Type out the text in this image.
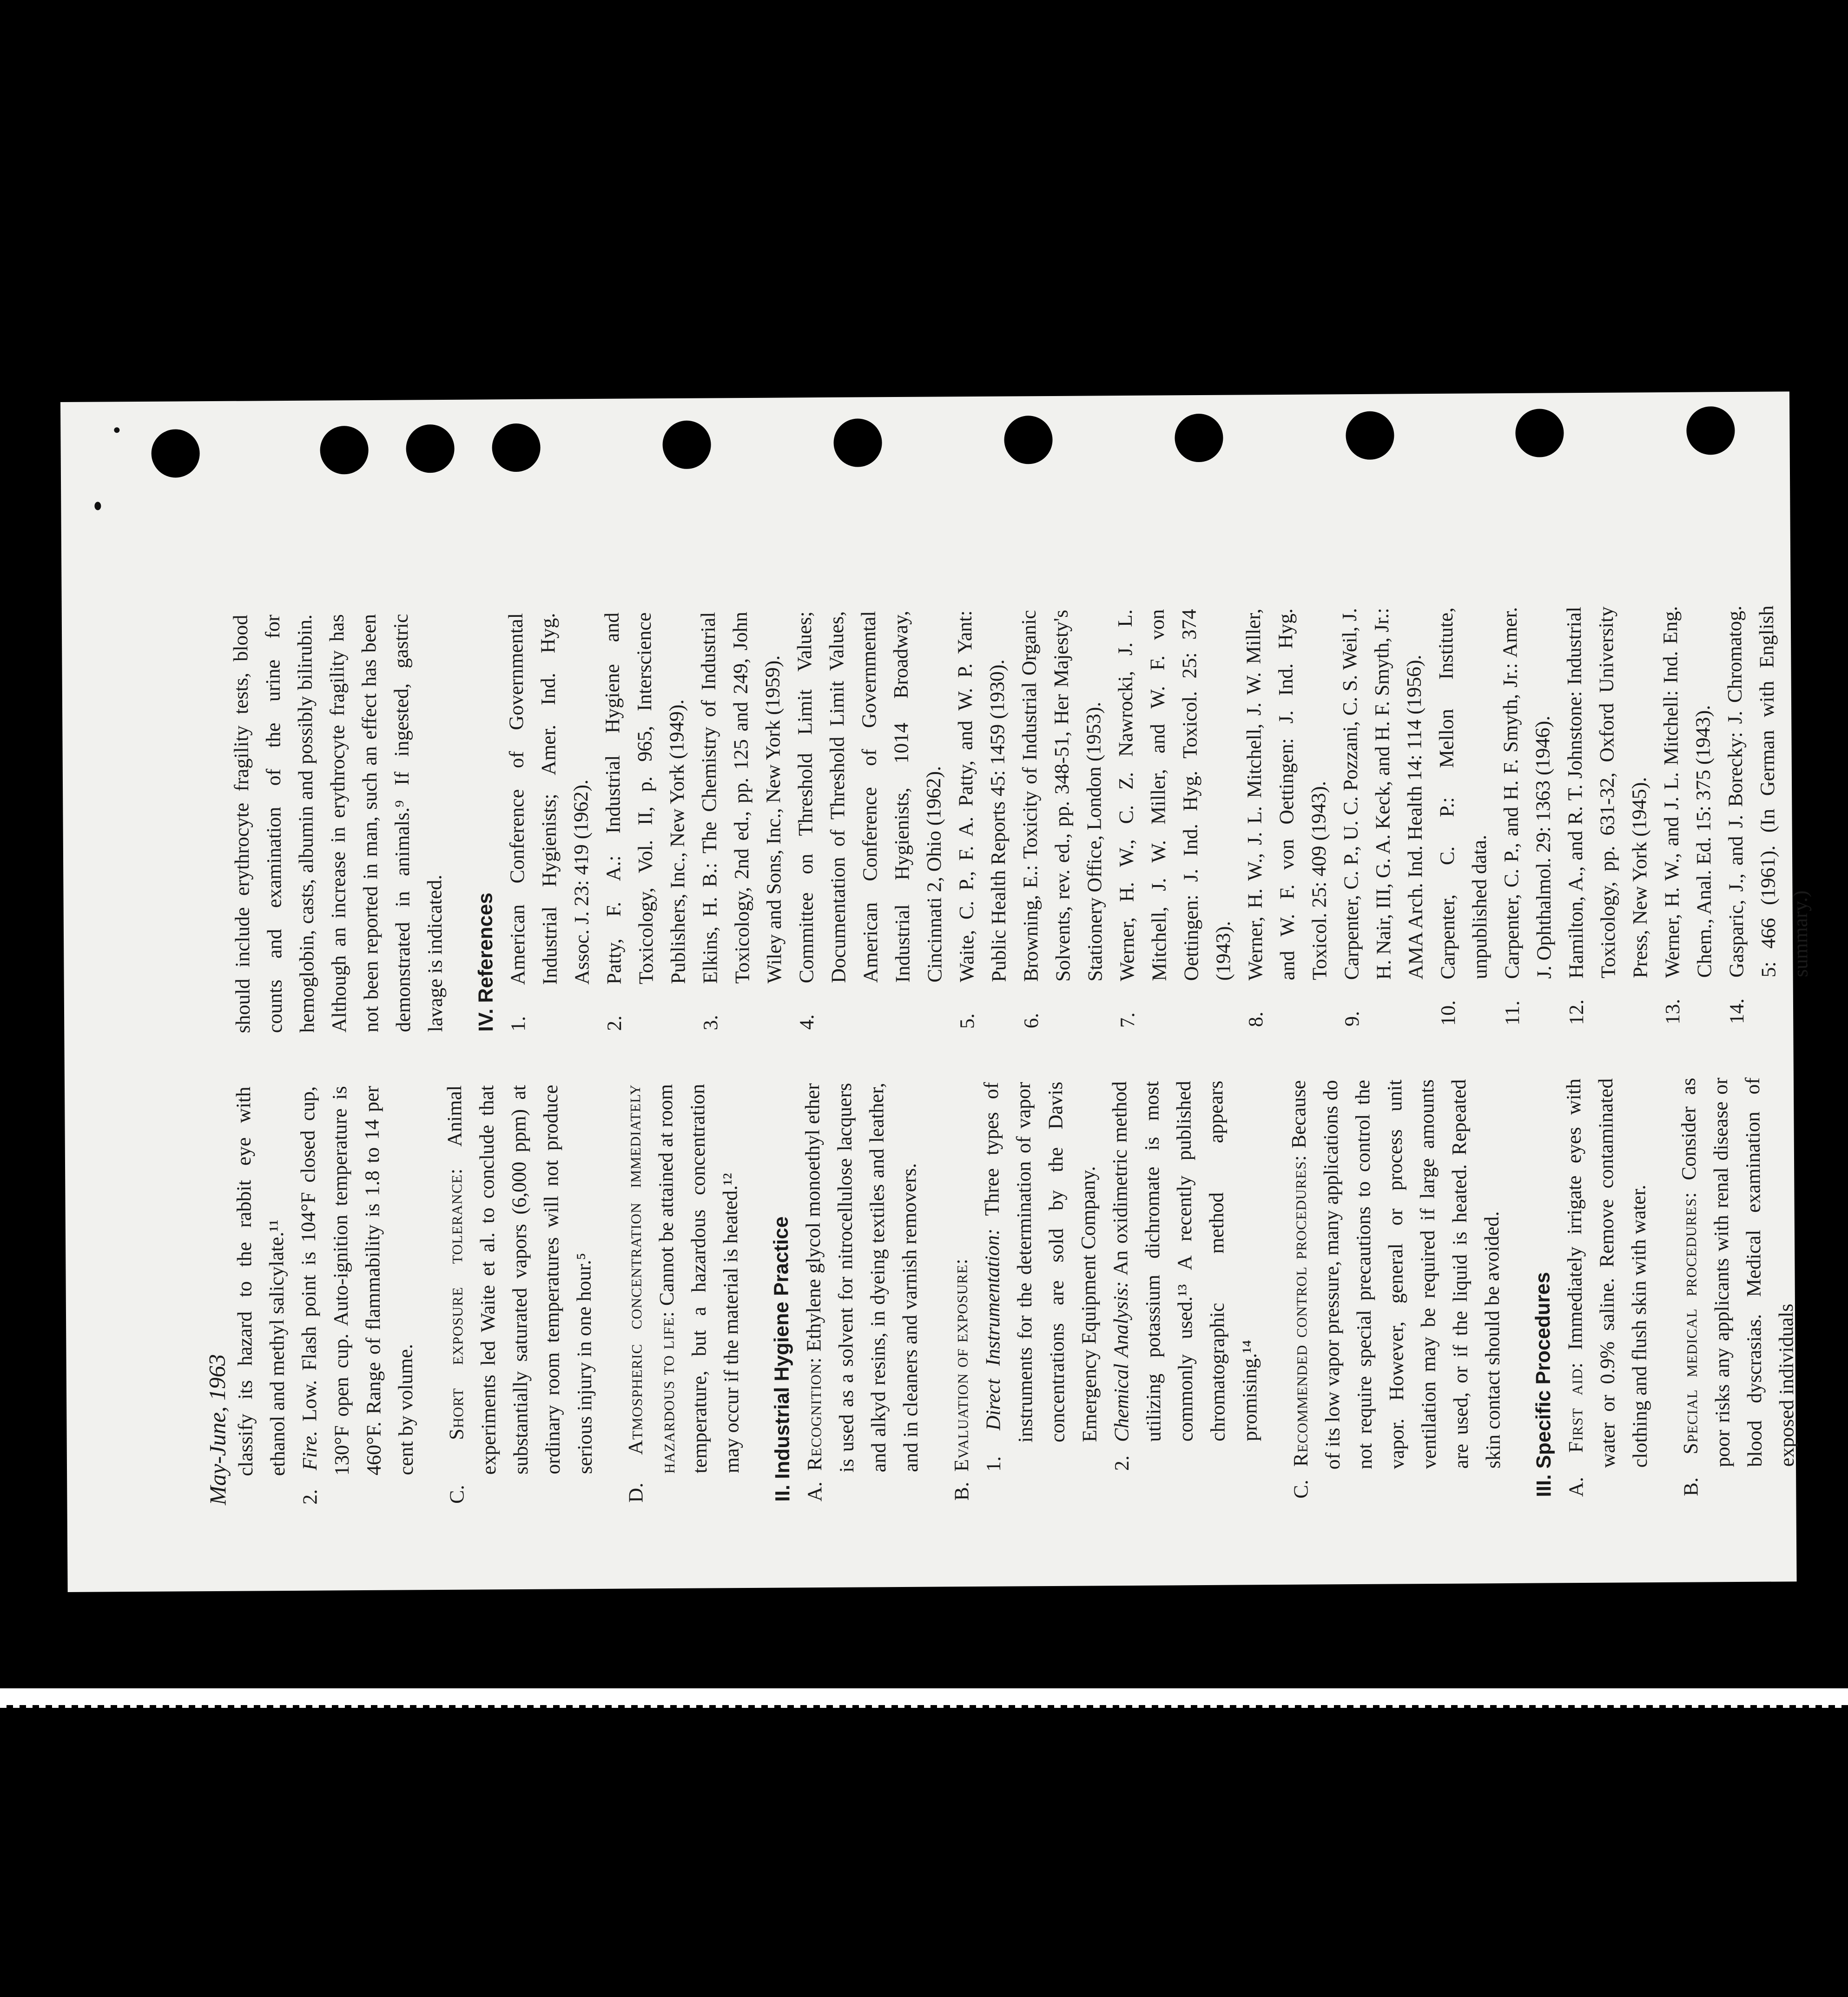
May-June, 1963 classify its hazard to the rabbit eye with ethanol and methyl salicylate.¹¹

2.  Fire. Low. Flash point is 104°F closed cup, 130°F open cup. Auto-ignition temperature is 460°F. Range of flammability is 1.8 to 14 per cent by volume.

C.  Short exposure tolerance: Animal experiments led Waite et al. to conclude that substantially saturated vapors (6,000 ppm) at ordinary room temperatures will not produce serious injury in one hour.⁵

D.  Atmospheric concentration immediately hazardous to life: Cannot be attained at room temperature, but a hazardous concentration may occur if the material is heated.¹² II. Industrial Hygiene Practice A.  Recognition: Ethylene glycol monoethyl ether is used as a solvent for nitrocellulose lacquers and alkyd resins, in dyeing textiles and leather, and in cleaners and varnish removers.

B.  Evaluation of exposure: 1.  Direct Instrumentation: Three types of instruments for the determination of vapor concentrations are sold by the Davis Emergency Equipment Company.

2.  Chemical Analysis: An oxidimetric method utilizing potassium dichromate is most commonly used.¹³ A recently published chromatographic method appears promising.¹⁴

C.  Recommended control procedures: Because of its low vapor pressure, many applications do not require special precautions to control the vapor. However, general or process unit ventilation may be required if large amounts are used, or if the liquid is heated. Repeated skin contact should be avoided. III. Specific Procedures A.  First aid: Immediately irrigate eyes with water or 0.9% saline. Remove contaminated clothing and flush skin with water.

B.  Special medical procedures: Consider as poor risks any applicants with renal disease or blood dyscrasias. Medical examination of exposed individuals

should include erythrocyte fragility tests, blood counts and examination of the urine for hemoglobin, casts, albumin and possibly bilirubin. Although an increase in erythrocyte fragility has not been reported in man, such an effect has been demonstrated in animals.⁹ If ingested, gastric lavage is indicated.	IV. References 1.American Conference of Governmental Industrial Hygienists; Amer. Ind. Hyg. Assoc. J. 23: 419 (1962).

2.Patty, F. A.: Industrial Hygiene and Toxicology, Vol. II, p. 965, Interscience Publishers, Inc., New York (1949).

3.Elkins, H. B.: The Chemistry of Industrial Toxicology, 2nd ed., pp. 125 and 249, John Wiley and Sons, Inc., New York (1959).

4.Committee on Threshold Limit Values; Documentation of Threshold Limit Values, American Conference of Governmental Industrial Hygienists, 1014 Broadway, Cincinnati 2, Ohio (1962).

5.Waite, C. P., F. A. Patty, and W. P. Yant: Public Health Reports 45: 1459 (1930).

6.Browning, E.: Toxicity of Industrial Organic Solvents, rev. ed., pp. 348-51, Her Majesty's Stationery Office, London (1953).

7.Werner, H. W., C. Z. Nawrocki, J. L. Mitchell, J. W. Miller, and W. F. von Oettingen: J. Ind. Hyg. Toxicol. 25: 374 (1943).

8.Werner, H. W., J. L. Mitchell, J. W. Miller, and W. F. von Oettingen: J. Ind. Hyg. Toxicol. 25: 409 (1943).

9.Carpenter, C. P., U. C. Pozzani, C. S. Weil, J. H. Nair, III, G. A. Keck, and H. F. Smyth, Jr.: AMA Arch. Ind. Health 14: 114 (1956).

10.Carpenter, C. P.: Mellon Institute, unpublished data.

11.Carpenter, C. P., and H. F. Smyth, Jr.: Amer. J. Ophthalmol. 29: 1363 (1946).

12.Hamilton, A., and R. T. Johnstone: Industrial Toxicology, pp. 631-32, Oxford University Press, New York (1945).

13.Werner, H. W., and J. L. Mitchell: Ind. Eng. Chem., Anal. Ed. 15: 375 (1943).

14.Gasparic, J., and J. Borecky: J. Chromatog. 5: 466 (1961). (In German with English summary.)
